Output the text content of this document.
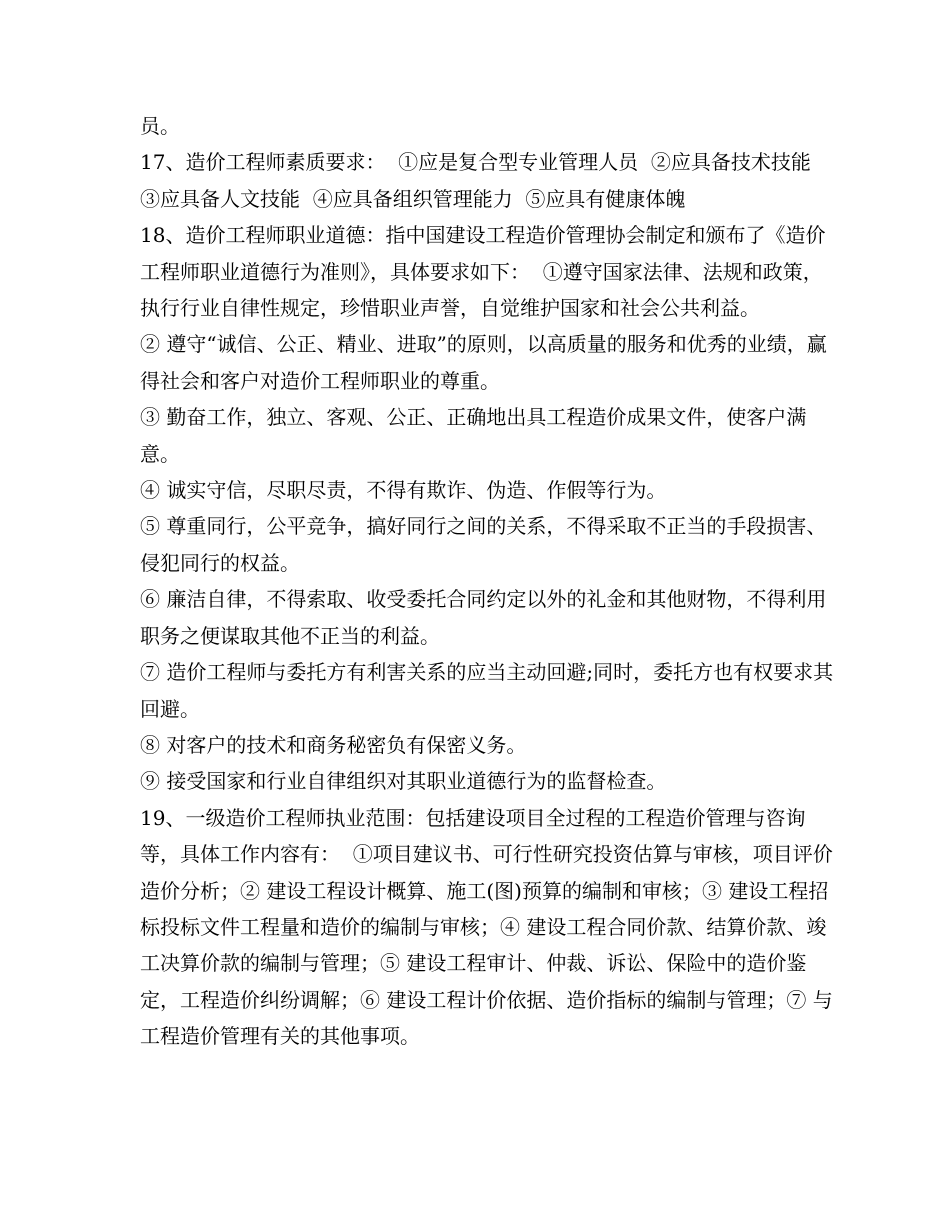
员。

17、造价工程师素质要求：  ①应是复合型专业管理人员  ②应具备技术技能  ③应具备人文技能  ④应具备组织管理能力  ⑤应具有健康体魄

18、造价工程师职业道德：指中国建设工程造价管理协会制定和颁布了《造价工程师职业道德行为准则》，具体要求如下：  ①遵守国家法律、法规和政策，执行行业自律性规定，珍惜职业声誉，自觉维护国家和社会公共利益。

② 遵守“诚信、公正、精业、进取”的原则，以高质量的服务和优秀的业绩，赢得社会和客户对造价工程师职业的尊重。

③ 勤奋工作，独立、客观、公正、正确地出具工程造价成果文件，使客户满意。

④ 诚实守信，尽职尽责，不得有欺诈、伪造、作假等行为。

⑤ 尊重同行，公平竞争，搞好同行之间的关系，不得采取不正当的手段损害、侵犯同行的权益。

⑥ 廉洁自律，不得索取、收受委托合同约定以外的礼金和其他财物，不得利用职务之便谋取其他不正当的利益。

⑦ 造价工程师与委托方有利害关系的应当主动回避;同时，委托方也有权要求其回避。

⑧ 对客户的技术和商务秘密负有保密义务。

⑨ 接受国家和行业自律组织对其职业道德行为的监督检查。

19、一级造价工程师执业范围：包括建设项目全过程的工程造价管理与咨询等，具体工作内容有：  ①项目建议书、可行性研究投资估算与审核，项目评价造价分析；② 建设工程设计概算、施工(图)预算的编制和审核；③ 建设工程招标投标文件工程量和造价的编制与审核；④ 建设工程合同价款、结算价款、竣工决算价款的编制与管理；⑤ 建设工程审计、仲裁、诉讼、保险中的造价鉴定，工程造价纠纷调解；⑥ 建设工程计价依据、造价指标的编制与管理；⑦ 与工程造价管理有关的其他事项。
